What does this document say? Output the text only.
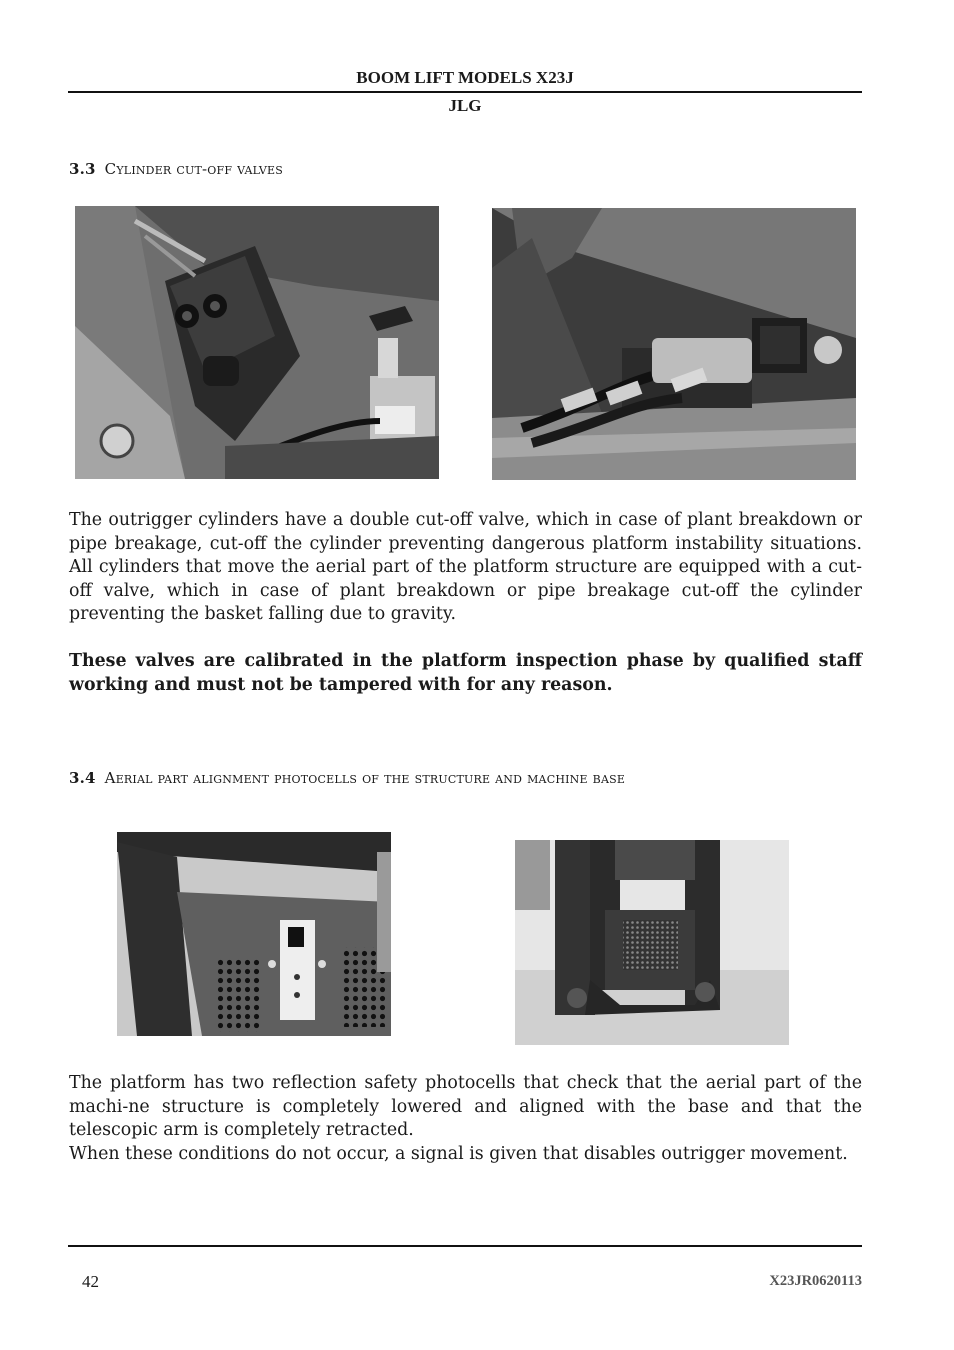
BOOM LIFT MODELS X23J
JLG
3.3 Cylinder cut-off valves
The outrigger cylinders have a double cut-off valve, which in case of plant breakdown or pipe breakage, cut-off the cylinder preventing dangerous platform instability situations. All cylinders that move the aerial part of the platform structure are equipped with a cut-off valve, which in case of plant breakdown or pipe breakage cut-off the cylinder preventing the basket falling due to gravity.
These valves are calibrated in the platform inspection phase by qualified staff working and must not be tampered with for any reason.
3.4 Aerial part alignment photocells of the structure and machine base
The platform has two reflection safety photocells that check that the aerial part of the machi-ne structure is completely lowered and aligned with the base and that the telescopic arm is completely retracted.
When these conditions do not occur, a signal is given that disables outrigger movement.
42	X23JR0620113
